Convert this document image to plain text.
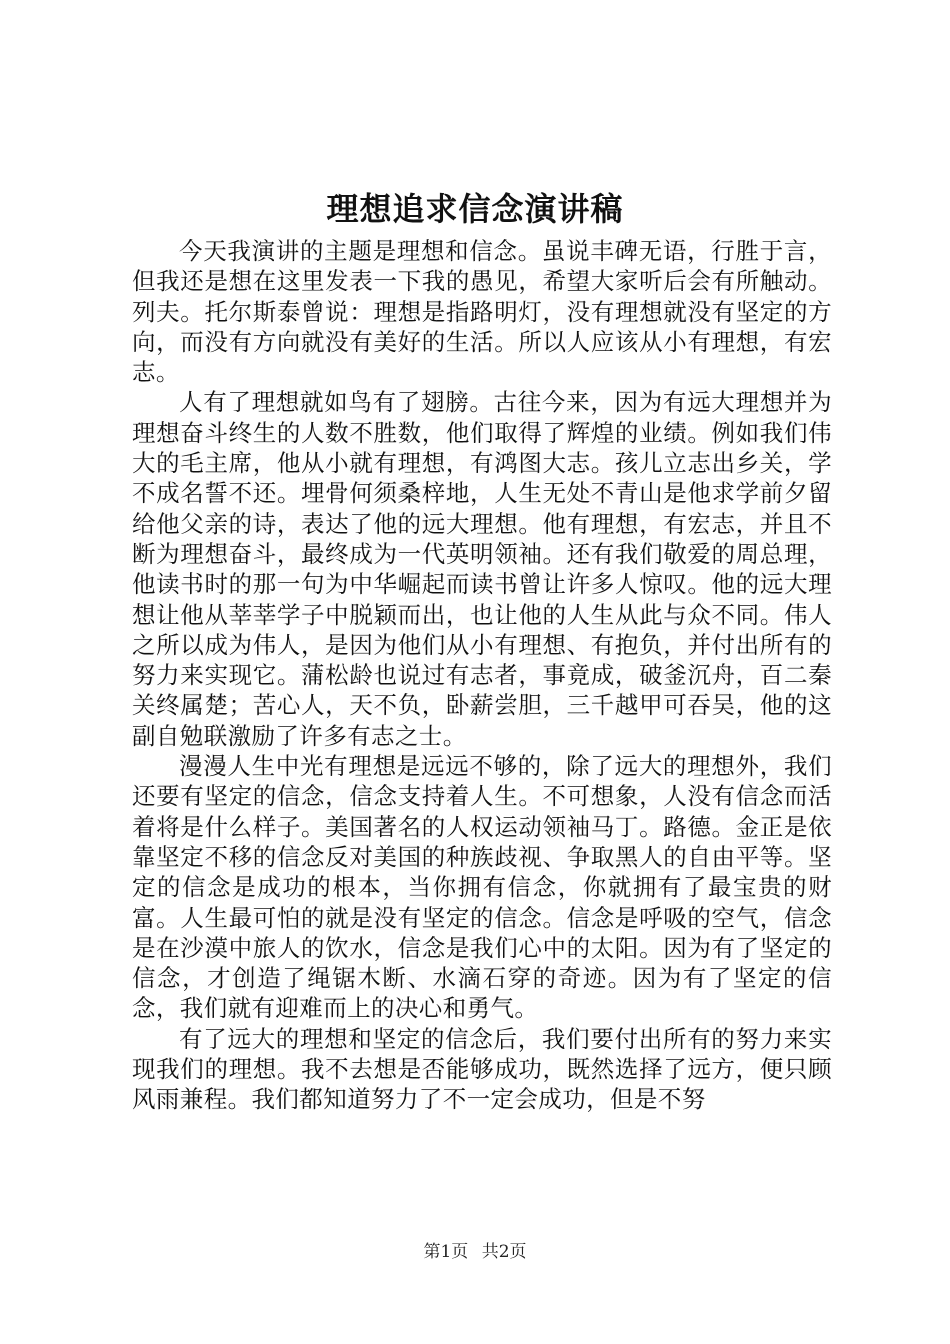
理想追求信念演讲稿

今天我演讲的主题是理想和信念。虽说丰碑无语，行胜于言，但我还是想在这里发表一下我的愚见，希望大家听后会有所触动。列夫。托尔斯泰曾说：理想是指路明灯，没有理想就没有坚定的方向，而没有方向就没有美好的生活。所以人应该从小有理想，有宏志。

人有了理想就如鸟有了翅膀。古往今来，因为有远大理想并为理想奋斗终生的人数不胜数，他们取得了辉煌的业绩。例如我们伟大的毛主席，他从小就有理想，有鸿图大志。孩儿立志出乡关，学不成名誓不还。埋骨何须桑梓地，人生无处不青山是他求学前夕留给他父亲的诗，表达了他的远大理想。他有理想，有宏志，并且不断为理想奋斗，最终成为一代英明领袖。还有我们敬爱的周总理，他读书时的那一句为中华崛起而读书曾让许多人惊叹。他的远大理想让他从莘莘学子中脱颖而出，也让他的人生从此与众不同。伟人之所以成为伟人，是因为他们从小有理想、有抱负，并付出所有的努力来实现它。蒲松龄也说过有志者，事竟成，破釜沉舟，百二秦关终属楚；苦心人，天不负，卧薪尝胆，三千越甲可吞吴，他的这副自勉联激励了许多有志之士。

漫漫人生中光有理想是远远不够的，除了远大的理想外，我们还要有坚定的信念，信念支持着人生。不可想象，人没有信念而活着将是什么样子。美国著名的人权运动领袖马丁。路德。金正是依靠坚定不移的信念反对美国的种族歧视、争取黑人的自由平等。坚定的信念是成功的根本，当你拥有信念，你就拥有了最宝贵的财富。人生最可怕的就是没有坚定的信念。信念是呼吸的空气，信念是在沙漠中旅人的饮水，信念是我们心中的太阳。因为有了坚定的信念，才创造了绳锯木断、水滴石穿的奇迹。因为有了坚定的信念，我们就有迎难而上的决心和勇气。

有了远大的理想和坚定的信念后，我们要付出所有的努力来实现我们的理想。我不去想是否能够成功，既然选择了远方，便只顾风雨兼程。我们都知道努力了不一定会成功，但是不努

第1页 共2页
